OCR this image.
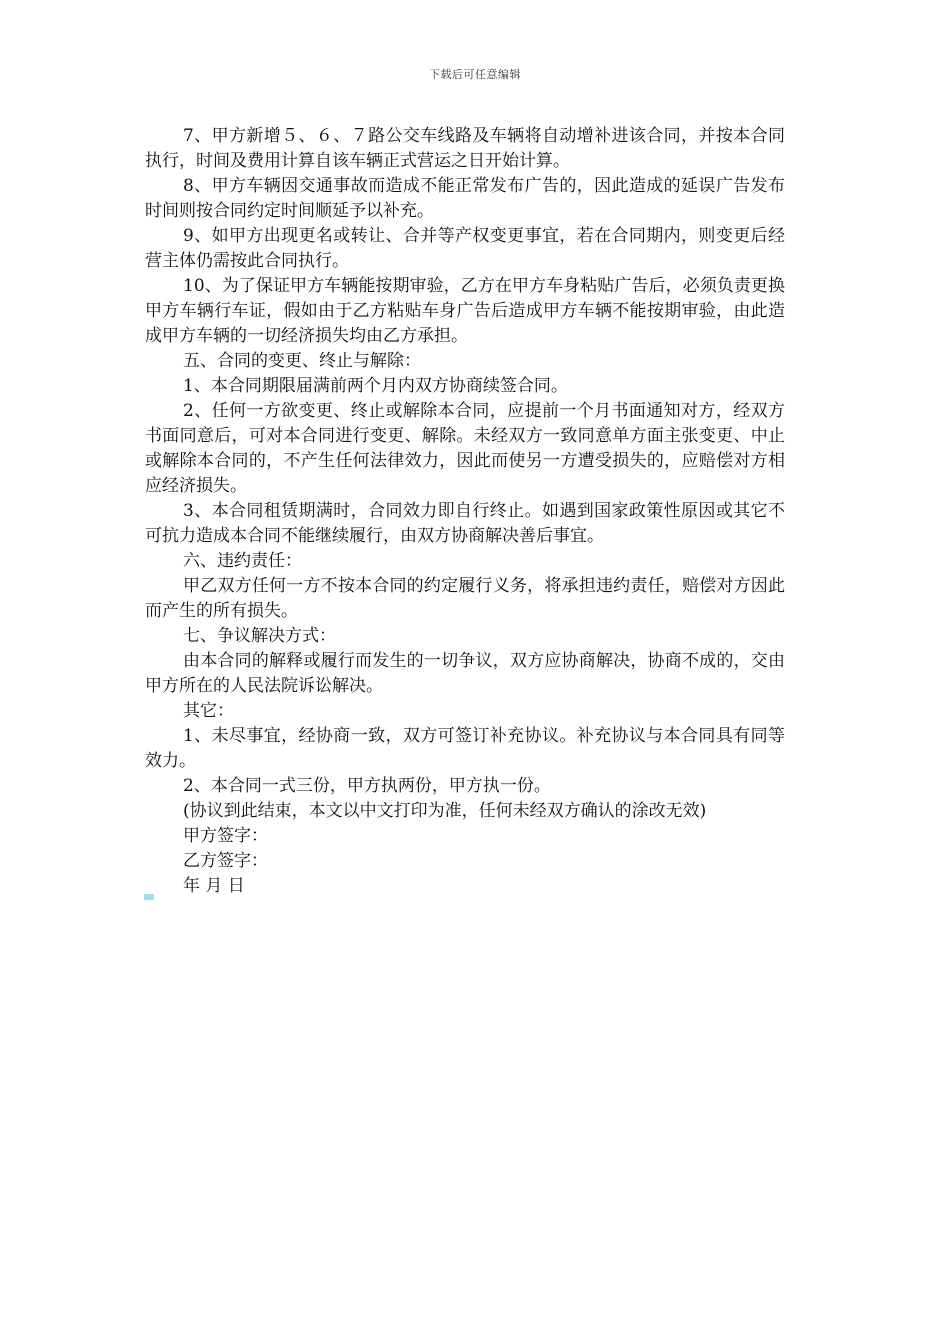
下载后可任意编辑

7、甲方新增５、６、７路公交车线路及车辆将自动增补进该合同，并按本合同执行，时间及费用计算自该车辆正式营运之日开始计算。

8、甲方车辆因交通事故而造成不能正常发布广告的，因此造成的延误广告发布时间则按合同约定时间顺延予以补充。

9、如甲方出现更名或转让、合并等产权变更事宜，若在合同期内，则变更后经营主体仍需按此合同执行。

10、为了保证甲方车辆能按期审验，乙方在甲方车身粘贴广告后，必须负责更换甲方车辆行车证，假如由于乙方粘贴车身广告后造成甲方车辆不能按期审验，由此造成甲方车辆的一切经济损失均由乙方承担。

五、合同的变更、终止与解除：

1、本合同期限届满前两个月内双方协商续签合同。

2、任何一方欲变更、终止或解除本合同，应提前一个月书面通知对方，经双方书面同意后，可对本合同进行变更、解除。未经双方一致同意单方面主张变更、中止或解除本合同的，不产生任何法律效力，因此而使另一方遭受损失的，应赔偿对方相应经济损失。

3、本合同租赁期满时，合同效力即自行终止。如遇到国家政策性原因或其它不可抗力造成本合同不能继续履行，由双方协商解决善后事宜。

六、违约责任：

甲乙双方任何一方不按本合同的约定履行义务，将承担违约责任，赔偿对方因此而产生的所有损失。

七、争议解决方式：

由本合同的解释或履行而发生的一切争议，双方应协商解决，协商不成的，交由甲方所在的人民法院诉讼解决。

其它：

1、未尽事宜，经协商一致，双方可签订补充协议。补充协议与本合同具有同等效力。

2、本合同一式三份，甲方执两份，甲方执一份。

(协议到此结束，本文以中文打印为准，任何未经双方确认的涂改无效)

甲方签字：

乙方签字：

年 月 日
